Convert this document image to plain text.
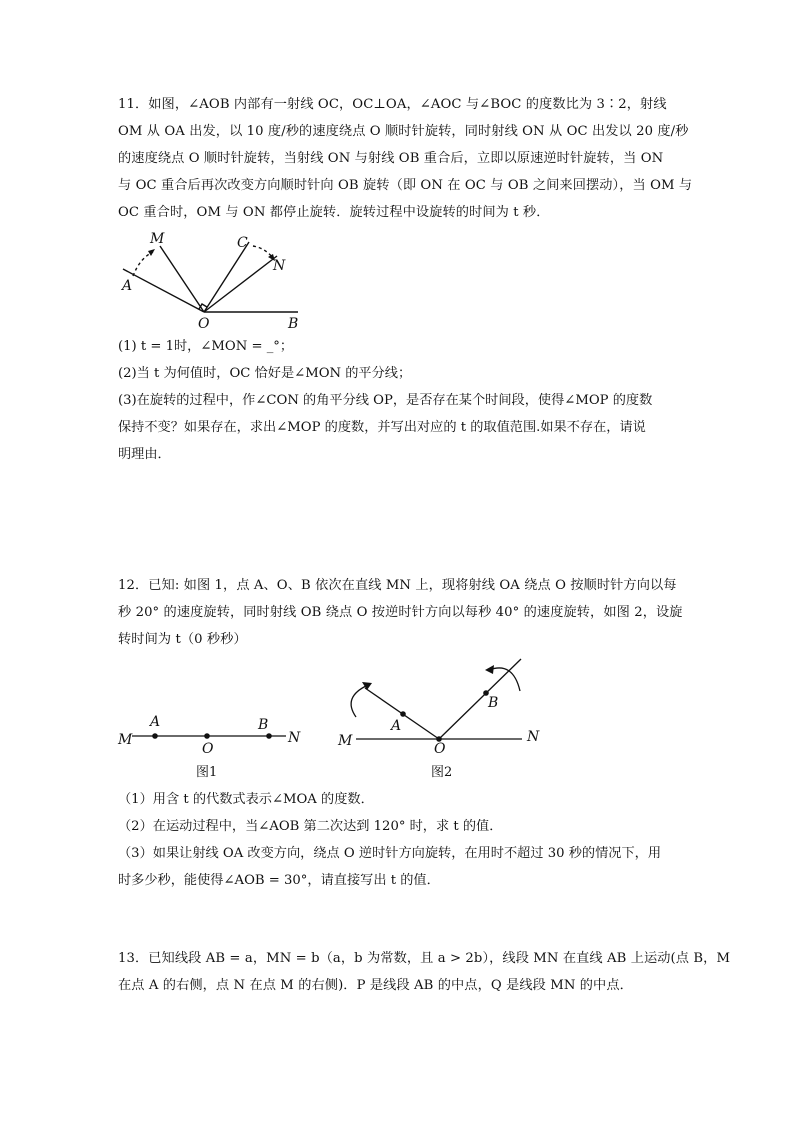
11．如图，∠AOB 内部有一射线 OC，OC⊥OA，∠AOC 与∠BOC 的度数比为 3∶2，射线
OM 从 OA 出发，以 10 度/秒的速度绕点 O 顺时针旋转，同时射线 ON 从 OC 出发以 20 度/秒
的速度绕点 O 顺时针旋转，当射线 ON 与射线 OB 重合后，立即以原速逆时针旋转，当 ON
与 OC 重合后再次改变方向顺时针向 OB 旋转（即 ON 在 OC 与 OB 之间来回摆动），当 OM 与
OC 重合时，OM 与 ON 都停止旋转．旋转过程中设旋转的时间为 t 秒．
M	C
N
A
O	B
(1) t = 1时，∠MON = _°；
(2)当 t 为何值时，OC 恰好是∠MON 的平分线；
(3)在旋转的过程中，作∠CON 的角平分线 OP，是否存在某个时间段，使得∠MOP 的度数
保持不变？如果存在，求出∠MOP 的度数，并写出对应的 t 的取值范围.如果不存在，请说
明理由．
12．已知: 如图 1，点 A、O、B 依次在直线 MN 上，现将射线 OA 绕点 O 按顺时针方向以每
秒 20° 的速度旋转，同时射线 OB 绕点 O 按逆时针方向以每秒 40° 的速度旋转，如图 2，设旋
转时间为 t（0 秒秒）
M
A
O
B
N
图1
M
A
O
B
N
图2
（1）用含 t 的代数式表示∠MOA 的度数．
（2）在运动过程中，当∠AOB 第二次达到 120° 时，求 t 的值．
（3）如果让射线 OA 改变方向，绕点 O 逆时针方向旋转，在用时不超过 30 秒的情况下，用
时多少秒，能使得∠AOB = 30°，请直接写出 t 的值．
13．已知线段 AB = a，MN = b（a，b 为常数，且 a > 2b），线段 MN 在直线 AB 上运动(点 B，M
在点 A 的右侧，点 N 在点 M 的右侧)．P 是线段 AB 的中点，Q 是线段 MN 的中点．
